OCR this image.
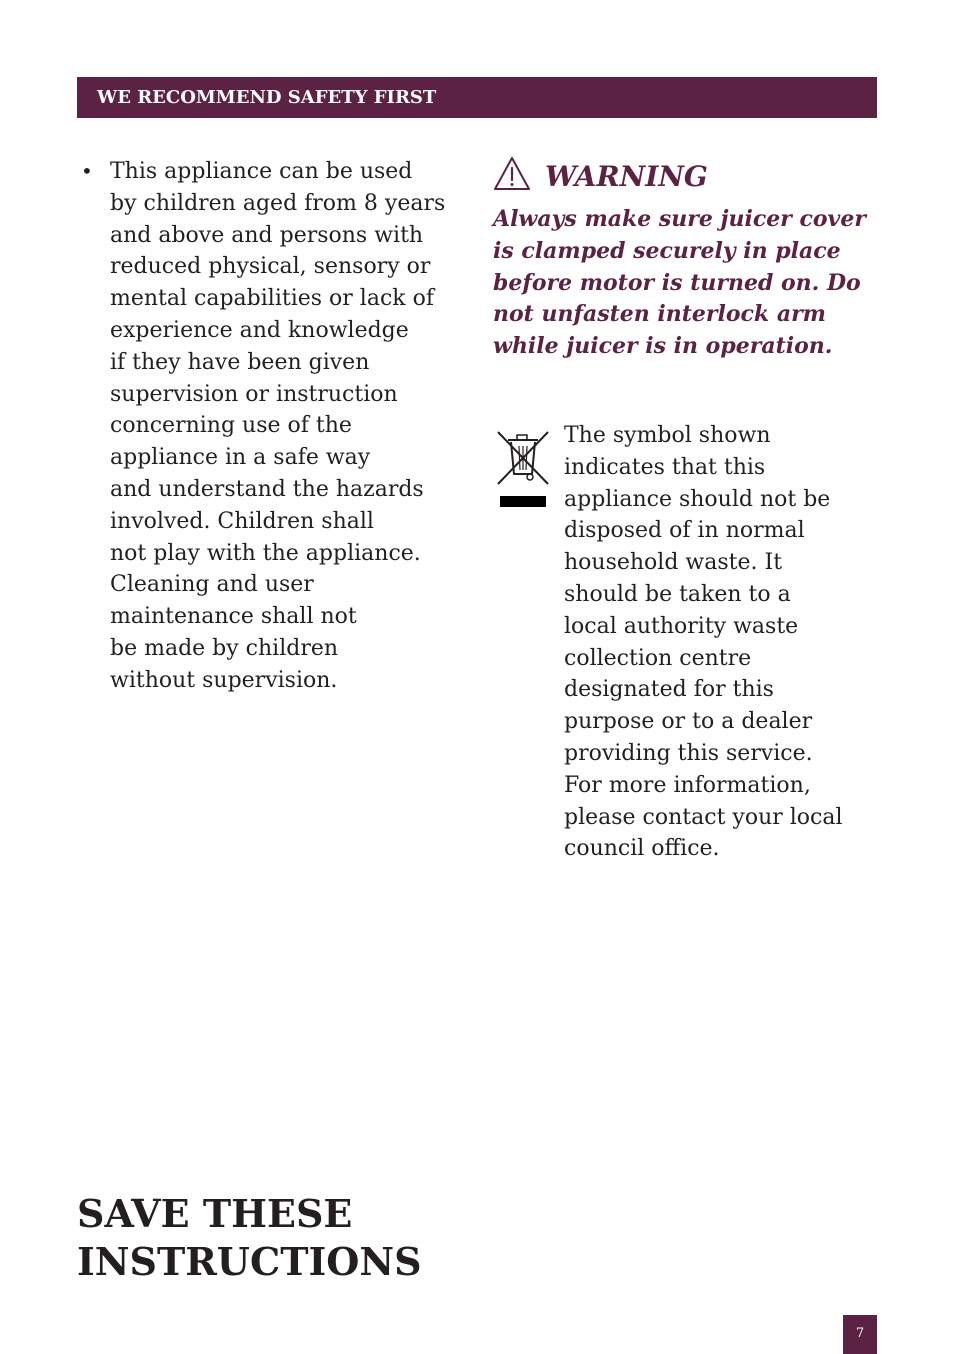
WE RECOMMEND SAFETY FIRST
• This appliance can be used
by children aged from 8 years
and above and persons with
reduced physical, sensory or
mental capabilities or lack of
experience and knowledge
if they have been given
supervision or instruction
concerning use of the
appliance in a safe way
and understand the hazards
involved. Children shall
not play with the appliance.
Cleaning and user
maintenance shall not
be made by children
without supervision.
WARNING
Always make sure juicer cover
is clamped securely in place
before motor is turned on. Do
not unfasten interlock arm
while juicer is in operation.
The symbol shown
indicates that this
appliance should not be
disposed of in normal
household waste. It
should be taken to a
local authority waste
collection centre
designated for this
purpose or to a dealer
providing this service.
For more information,
please contact your local
council office.
SAVE THESE
INSTRUCTIONS
7
